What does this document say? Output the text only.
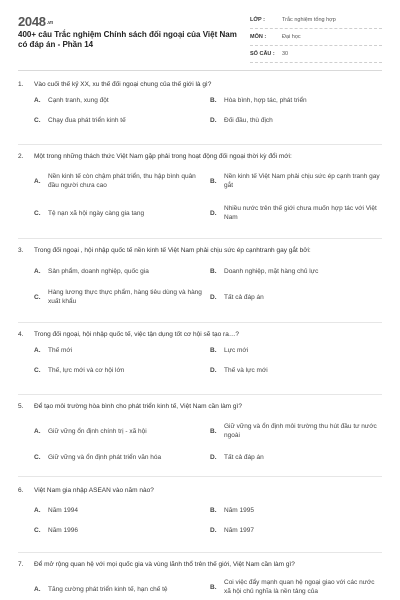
2048.vn
400+ câu Trắc nghiệm Chính sách đối ngoại của Việt Nam có đáp án - Phần 14
LỚP :	Trắc nghiệm tổng hợp
MÔN :	Đại học
SỐ CÂU :	30
1.	Vào cuối thế kỷ XX, xu thế đối ngoại chung của thế giới là gì?
A.	Cạnh tranh, xung đột	B.	Hòa bình, hợp tác, phát triển
C.	Chạy đua phát triển kinh tế	D.	Đối đầu, thù địch
2.	Một trong những thách thức Việt Nam gặp phải trong hoạt động đối ngoại thời kỳ đổi mới:
A.
Nền kinh tế còn chậm phát triển, thu hập bình quân đầu người chưa cao
B.
Nền kinh tế Việt Nam phải chịu sức ép cạnh tranh gay gắt
C.	Tệ nạn xã hội ngày càng gia tang	D.
Nhiều nước trên thế giới chưa muốn hợp tác với Việt Nam
3.	Trong đối ngoại , hội nhập quốc tế nền kinh tế Việt Nam phải chịu sức ép cạnhtranh gay gắt bởi:
A.	Sản phẩm, doanh nghiệp, quốc gia	B.	Doanh nghiệp, mặt hàng chủ lực
C.
Hàng lương thực thực phẩm, hàng tiêu dùng và hàng xuất khẩu
D.	Tất cả đáp án
4.	Trong đối ngoại, hội nhập quốc tế, việc tận dụng tốt cơ hội sẽ tạo ra…?
A.	Thế mới	B.	Lực mới
C.	Thế, lực mới và cơ hội lớn	D.	Thế và lực mới
5.	Để tạo môi trường hòa bình cho phát triển kinh tế, Việt Nam cần làm gì?
A.	Giữ vững ổn định chính trị - xã hội	B.
Giữ vững và ổn định môi trường thu hút đầu tư nước ngoài
C.	Giữ vững và ổn định phát triển văn hóa	D.	Tất cả đáp án
6.	Việt Nam gia nhập ASEAN vào năm nào?
A.	Năm 1994	B.	Năm 1995
C.	Năm 1996	D.	Năm 1997
7.	Để mở rộng quan hệ với mọi quốc gia và vùng lãnh thổ trên thế giới, Việt Nam cần làm gì?
A.	Tăng cường phát triển kinh tế, hạn chế tệ	B.
Coi việc đẩy mạnh quan hệ ngoại giao với các nước xã hội chủ nghĩa là nền tảng của
